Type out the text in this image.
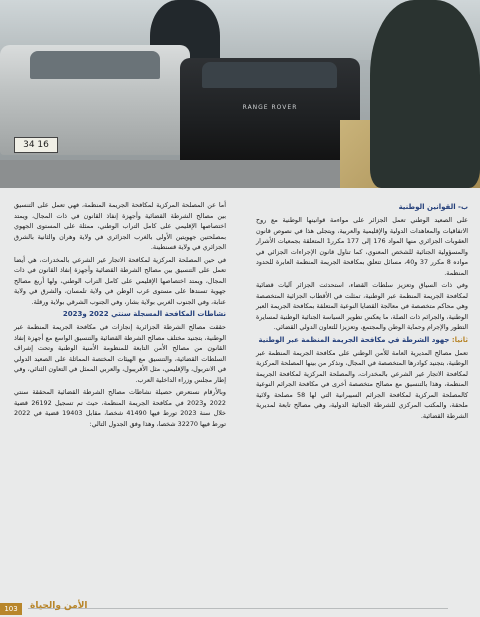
34 16
RANGE ROVER
ب- القوانين الوطنية

على الصعيد الوطني تعمل الجزائر على مواءمة قوانينها الوطنية مع روح الاتفاقيات والمعاهدات الدولية والإقليمية والعربية، ويتجلى هذا في نصوص قانون العقوبات الجزائري منها المواد 176 إلى 177 مكرر1 المتعلقة بجمعيات الأشرار والمسؤولية الجنائية للشخص المعنوي، كما تناول قانون الإجراءات الجزائي في مواده 8 مكرر 37 و40، مسائل تتعلق بمكافحة الجريمة المنظمة العابرة للحدود المنظمة.

وفي ذات السياق وتعزيز سلطات القضاء، استحدثت الجزائر آليات قضائية لمكافحة الجريمة المنظمة عبر الوطنية، تمثلت في الأقطاب الجزائية المتخصصة وهي محاكم متخصصة في معالجة القضايا النوعية المتعلقة بمكافحة الجريمة العبر الوطنية، والجرائم ذات الصلة، ما يعكس تطوير السياسة الجنائية الوطنية لمسايرة التطور والإجرام وحماية الوطن والمجتمع، وتعزيزا للتعاون الدولي القضائي.

ثانيا: جهود الشرطة في مكافحة الجريمة المنظمة عبر الوطنية

تعمل مصالح المديرية العامة للأمن الوطني على مكافحة الجريمة المنظمة عبر الوطنية، بتجنيد كوادرها المتخصصة في المجال، ونذكر من بينها المصلحة المركزية لمكافحة الاتجار غير الشرعي بالمخدرات، والمصلحة المركزية لمكافحة الجريمة المنظمة، وهذا بالتنسيق مع مصالح متخصصة أخرى في مكافحة الجرائم النوعية كالمصلحة المركزية لمكافحة الجرائم السيبرانية التي لها 58 مصلحة ولائية ملحقة، والمكتب المركزي للشرطة الجنائية الدولية، وهي مصالح تابعة لمديرية الشرطة القضائية.

أما عن المصلحة المركزية لمكافحة الجريمة المنظمة، فهي تعمل على التنسيق بين مصالح الشرطة القضائية وأجهزة إنفاذ القانون في ذات المجال، ويمتد اختصاصها الإقليمي على كامل التراب الوطني، ممثلة على المستوى الجهوي بمصلحتين جهويتين الأولى بالغرب الجزائري في ولاية وهران والثانية بالشرق الجزائري في ولاية قسنطينة.

في حين المصلحة المركزية لمكافحة الاتجار غير الشرعي بالمخدرات، هي أيضا تعمل على التنسيق بين مصالح الشرطة القضائية وأجهزة إنفاذ القانون في ذات المجال، ويمتد اختصاصها الإقليمي على كامل التراب الوطني، ولها أربع مصالح جهوية تسندها على مستوى غرب الوطن في ولاية تلمسان، والشرق في ولاية عنابة، وفي الجنوب الغربي بولاية بشار، وفي الجنوب الشرقي بولاية ورقلة.

نشاطات المكافحة المسجلة سنتي 2022 و2023

حققت مصالح الشرطة الجزائرية إنجازات في مكافحة الجريمة المنظمة عبر الوطنية، بتجنيد مختلف مصالح الشرطة القضائية والتنسيق الواسع مع أجهزة إنفاذ القانون من مصالح الأمن التابعة للمنظومة الأمنية الوطنية وتحت إشراف السلطات القضائية، والتنسيق مع الهيئات المختصة المماثلة على الصعيد الدولي في الانتربول، والإقليمي، مثل الأفريبول، والعربي الممثل في التعاون الثنائي، وفي إطار مجلس وزراء الداخلية العرب.

وبالأرقام نستعرض حصيلة نشاطات مصالح الشرطة القضائية المحققة سنتي 2022 و2023 في مكافحة الجريمة المنظمة، حيث تم تسجيل 26192 قضية خلال سنة 2023 تورط فيها 41490 شخصا، مقابل 19403 قضية في 2022 تورط فيها 32270 شخصا، وهذا وفق الجدول التالي:

103	الأمن والحياة
